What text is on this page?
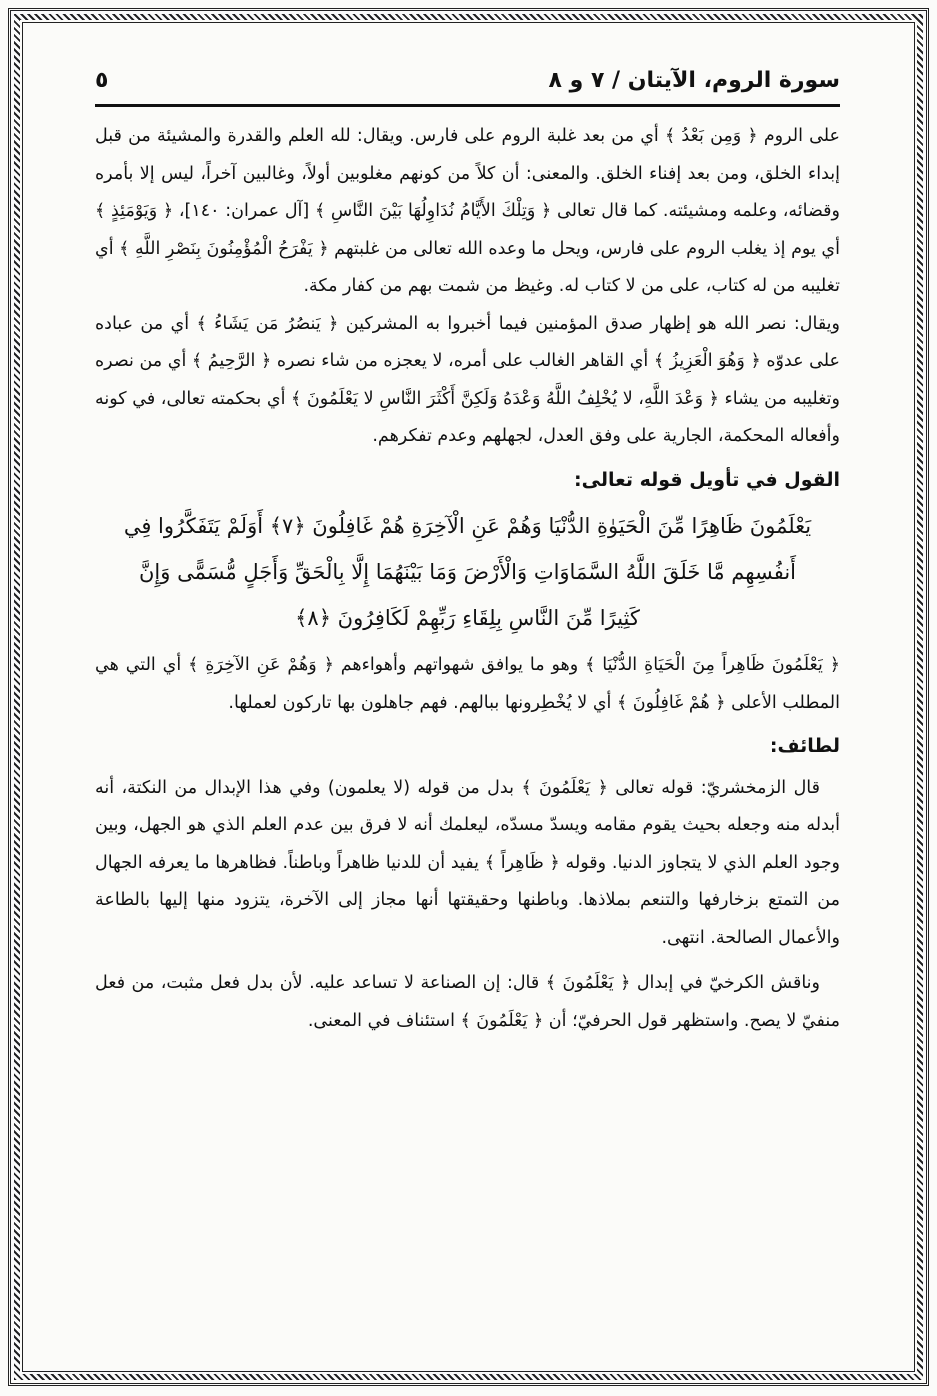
سورة الروم، الآيتان / ٧ و ٨
٥

على الروم ﴿ وَمِن بَعْدُ ﴾ أي من بعد غلبة الروم على فارس. ويقال: لله العلم والقدرة والمشيئة من قبل إبداء الخلق، ومن بعد إفناء الخلق. والمعنى: أن كلاً من كونهم مغلوبين أولاً، وغالبين آخراً، ليس إلا بأمره وقضائه، وعلمه ومشيئته. كما قال تعالى ﴿ وَتِلْكَ الأَيَّامُ نُدَاوِلُهَا بَيْنَ النَّاسِ ﴾ [آل عمران: ١٤٠]، ﴿ وَيَوْمَئِذٍ ﴾ أي يوم إذ يغلب الروم على فارس، ويحل ما وعده الله تعالى من غلبتهم ﴿ يَفْرَحُ الْمُؤْمِنُونَ بِنَصْرِ اللَّهِ ﴾ أي تغليبه من له كتاب، على من لا كتاب له. وغيظ من شمت بهم من كفار مكة.

ويقال: نصر الله هو إظهار صدق المؤمنين فيما أخبروا به المشركين ﴿ يَنصُرُ مَن يَشَاءُ ﴾ أي من عباده على عدوّه ﴿ وَهُوَ الْعَزِيزُ ﴾ أي القاهر الغالب على أمره، لا يعجزه من شاء نصره ﴿ الرَّحِيمُ ﴾ أي من نصره وتغليبه من يشاء ﴿ وَعْدَ اللَّهِ، لا يُخْلِفُ اللَّهُ وَعْدَهُ وَلَكِنَّ أَكْثَرَ النَّاسِ لا يَعْلَمُونَ ﴾ أي بحكمته تعالى، في كونه وأفعاله المحكمة، الجارية على وفق العدل، لجهلهم وعدم تفكرهم.

القول في تأويل قوله تعالى:

يَعْلَمُونَ ظَاهِرًا مِّنَ الْحَيَوٰةِ الدُّنْيَا وَهُمْ عَنِ الْآخِرَةِ هُمْ غَافِلُونَ ﴿٧﴾ أَوَلَمْ يَتَفَكَّرُوا فِي
أَنفُسِهِم مَّا خَلَقَ اللَّهُ السَّمَاوَاتِ وَالْأَرْضَ وَمَا بَيْنَهُمَا إِلَّا بِالْحَقِّ وَأَجَلٍ مُّسَمًّى وَإِنَّ
كَثِيرًا مِّنَ النَّاسِ بِلِقَاءِ رَبِّهِمْ لَكَافِرُونَ ﴿٨﴾

﴿ يَعْلَمُونَ ظَاهِراً مِنَ الْحَيَاةِ الدُّنْيَا ﴾ وهو ما يوافق شهواتهم وأهواءهم ﴿ وَهُمْ عَنِ الآخِرَةِ ﴾ أي التي هي المطلب الأعلى ﴿ هُمْ غَافِلُونَ ﴾ أي لا يُخْطِرونها ببالهم. فهم جاهلون بها تاركون لعملها.

لطائف:

قال الزمخشريّ: قوله تعالى ﴿ يَعْلَمُونَ ﴾ بدل من قوله (لا يعلمون) وفي هذا الإبدال من النكتة، أنه أبدله منه وجعله بحيث يقوم مقامه ويسدّ مسدّه، ليعلمك أنه لا فرق بين عدم العلم الذي هو الجهل، وبين وجود العلم الذي لا يتجاوز الدنيا. وقوله ﴿ ظَاهِراً ﴾ يفيد أن للدنيا ظاهراً وباطناً. فظاهرها ما يعرفه الجهال من التمتع بزخارفها والتنعم بملاذها. وباطنها وحقيقتها أنها مجاز إلى الآخرة، يتزود منها إليها بالطاعة والأعمال الصالحة. انتهى.

وناقش الكرخيّ في إبدال ﴿ يَعْلَمُونَ ﴾ قال: إن الصناعة لا تساعد عليه. لأن بدل فعل مثبت، من فعل منفيّ لا يصح. واستظهر قول الحرفيّ؛ أن ﴿ يَعْلَمُونَ ﴾ استئناف في المعنى.
